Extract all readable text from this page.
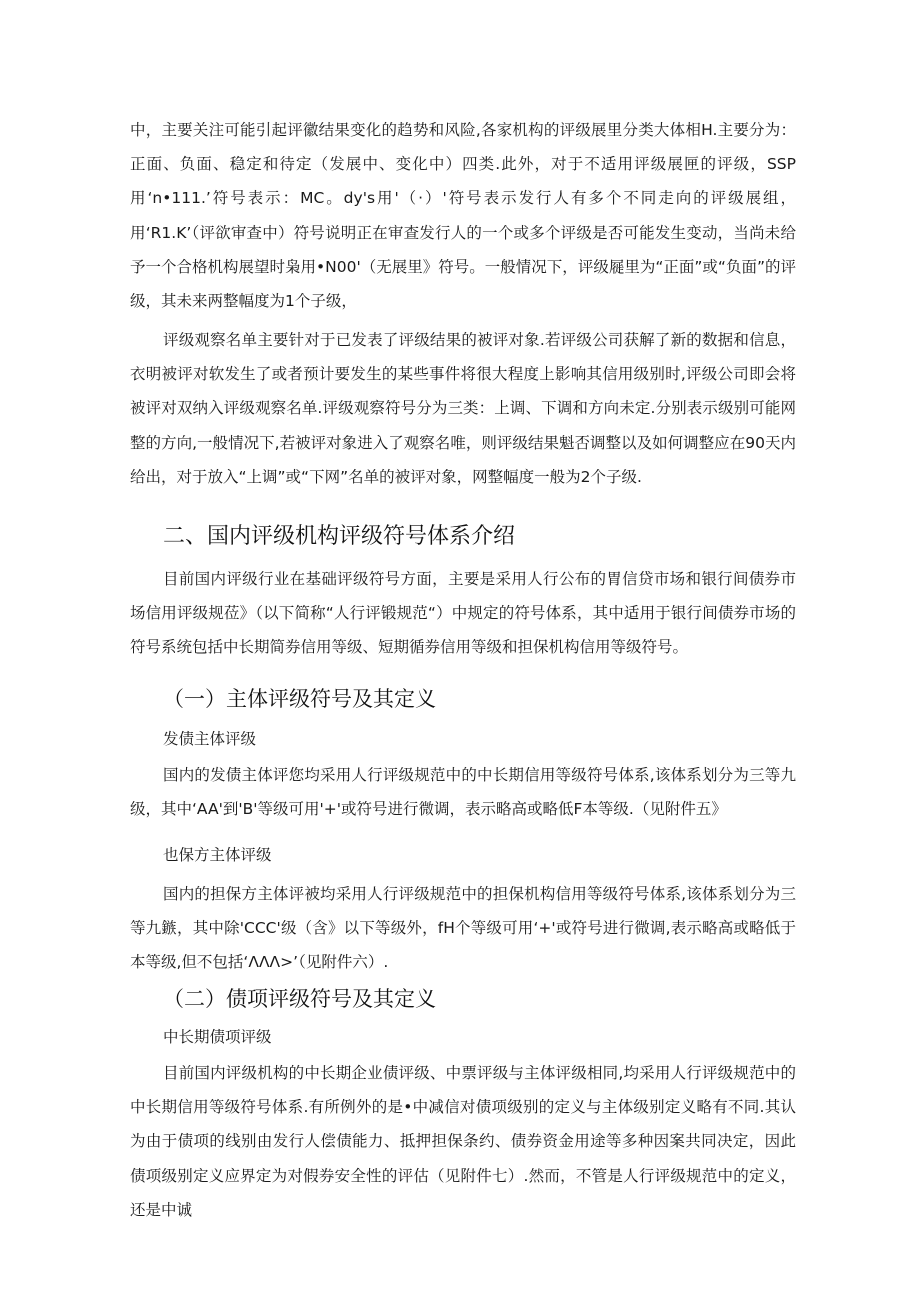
中，主要关注可能引起评徽结果变化的趋势和风险,各家机构的评级展里分类大体相H.主要分为：正面、负面、稳定和待定（发展中、变化中）四类.此外，对于不适用评级展匣的评级，SSP用‘n•111.’符号表示：MC。dy's用'（·）'符号表示发行人有多个不同走向的评级展组，用‘R1.K’（评欲审查中）符号说明正在审查发行人的一个或多个评级是否可能发生变动，当尚未给予一个合格机构展望时枭用•N00'（无展里》符号。一般情况下，评级屣里为“正面”或“负面”的评级，其未来两整幅度为1个子级，

评级观察名单主要针对于已发表了评级结果的被评对象.若评级公司获解了新的数据和信息，衣明被评对软发生了或者预计要发生的某些事件将很大程度上影响其信用级别时,评级公司即会将被评对双纳入评级观察名单.评级观察符号分为三类：上调、下调和方向未定.分别表示级别可能网整的方向,一般情况下,若被评对象进入了观察名唯，则评级结果魁否调整以及如何调整应在90天内给出，对于放入“上调”或“下网”名单的被评对象，网整幅度一般为2个子级.

二、国内评级机构评级符号体系介绍

目前国内评级行业在基础评级符号方面，主要是采用人行公布的胃信贷市场和银行间债券市场信用评级规莅》（以下简称“人行评锻规范“）中规定的符号体系，其中适用于银行间债券市场的符号系统包括中长期简券信用等级、短期循券信用等级和担保机构信用等级符号。

（一）主体评级符号及其定义

发债主体评级

国内的发债主体评您均采用人行评级规范中的中长期信用等级符号体系,该体系划分为三等九级，其中‘AA'到'B'等级可用'+'或符号进行微调，表示略高或略低F本等级.（见附件五》

也保方主体评级

国内的担保方主体评被均采用人行评级规范中的担保机构信用等级符号体系,该体系划分为三等九鏃，其中除'CCC'级（含》以下等级外，fH个等级可用‘+'或符号进行微调,表示略高或略低于本等级,但不包括‘ΛΛΛ>’（见附件六）.

（二）债项评级符号及其定义

中长期债项评级

目前国内评级机构的中长期企业债评级、中票评级与主体评级相同,均采用人行评级规范中的中长期信用等级符号体系.有所例外的是•中减信对债项级别的定义与主体级别定义略有不同.其认为由于债项的线别由发行人偿债能力、抵押担保条约、债券资金用途等多种因案共同决定，因此债项级别定义应界定为对假券安全性的评估（见附件七）.然而，不管是人行评级规范中的定义，还是中诚
